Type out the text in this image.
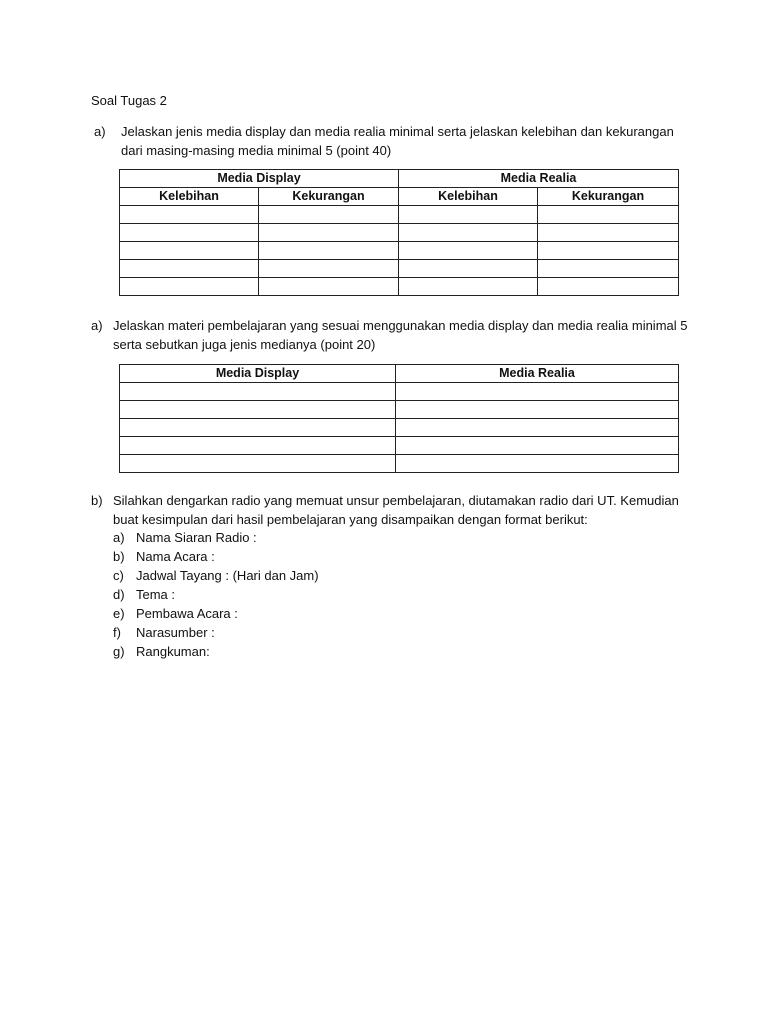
Soal Tugas 2
a) Jelaskan jenis media display dan media realia minimal serta jelaskan kelebihan dan kekurangan dari masing-masing media minimal 5 (point 40)
Media Display		Media Realia	
Kelebihan	Kekurangan	Kelebihan	Kekurangan

a) Jelaskan materi pembelajaran yang sesuai menggunakan media display dan media realia minimal 5 serta sebutkan juga jenis medianya (point 20)
Media Display	Media Realia

b) Silahkan dengarkan radio yang memuat unsur pembelajaran, diutamakan radio dari UT. Kemudian buat kesimpulan dari hasil pembelajaran yang disampaikan dengan format berikut:
a) Nama Siaran Radio :
b) Nama Acara :
c) Jadwal Tayang : (Hari dan Jam)
d) Tema :
e) Pembawa Acara :
f) Narasumber :
g) Rangkuman:
